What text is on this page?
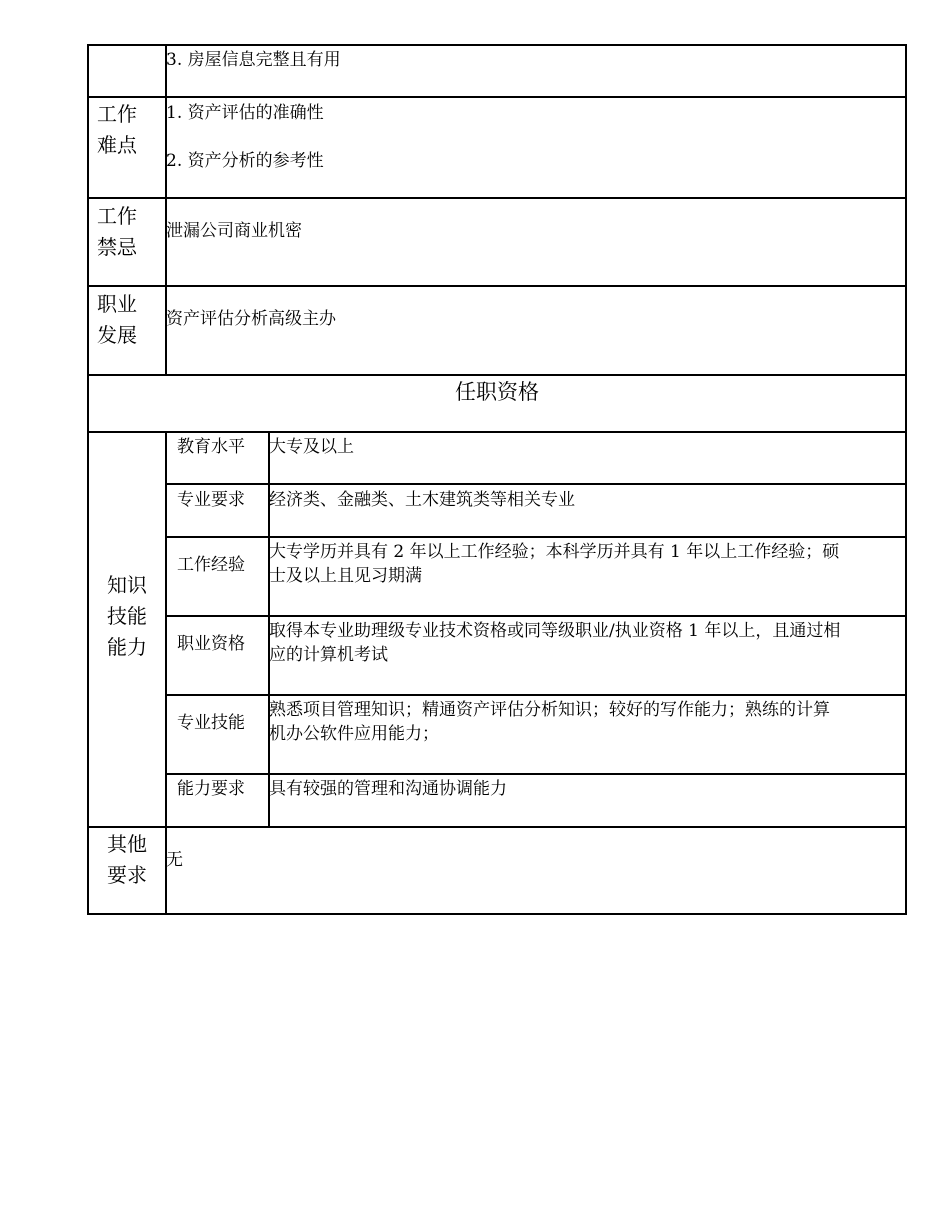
3. 房屋信息完整且有用
工作
难点
1. 资产评估的准确性
2. 资产分析的参考性
工作
禁忌
泄漏公司商业机密
职业
发展
资产评估分析高级主办
任职资格
知识
技能
能力
教育水平 大专及以上
专业要求 经济类、金融类、土木建筑类等相关专业
工作经验
大专学历并具有 2 年以上工作经验；本科学历并具有 1 年以上工作经验；硕
士及以上且见习期满
职业资格
取得本专业助理级专业技术资格或同等级职业/执业资格 1 年以上，且通过相
应的计算机考试
专业技能
熟悉项目管理知识；精通资产评估分析知识；较好的写作能力；熟练的计算
机办公软件应用能力；
能力要求 具有较强的管理和沟通协调能力
其他
要求
无
